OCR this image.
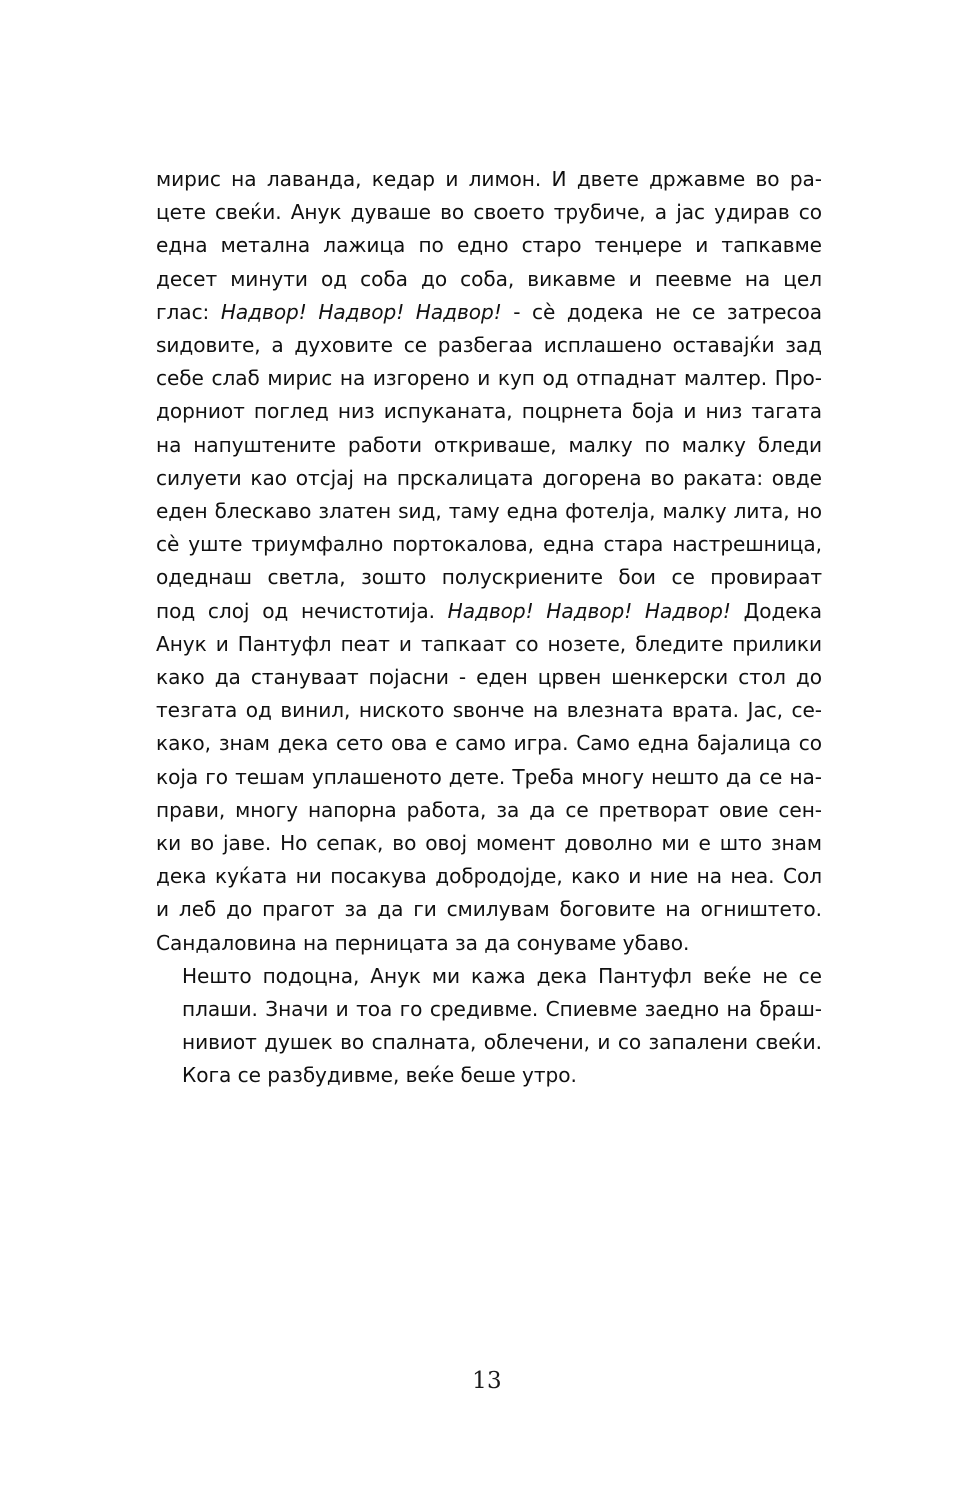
мирис на лаванда, кедар и лимон. И двете државме во ра-
цете свеќи. Анук дуваше во своето трубиче, а јас удирав со
една метална лажица по едно старо тенџере и тапкавме
десет минути од соба до соба, викавме и пеевме на цел
глас: Надвор! Надвор! Надвор! - сè додека не се затресоа
ѕидовите, а духовите се разбегаа исплашено оставајќи зад
себе слаб мирис на изгорено и куп од отпаднат малтер. Про-
дорниот поглед низ испуканата, поцрнета боја и низ тагата
на напуштените работи откриваше, малку по малку бледи
силуети као отсјај на прскалицата догорена во раката: овде
еден блескаво златен ѕид, таму една фотелја, малку лита, но
сè уште триумфално портокалова, една стара настрешница,
одеднаш светла, зошто полускриените бои се провираат
под слој од нечистотија. Надвор! Надвор! Надвор! Додека
Анук и Пантуфл пеат и тапкаат со нозете, бледите прилики
како да стануваат појасни - еден црвен шенкерски стол до
тезгата од винил, ниското ѕвонче на влезната врата. Јас, се-
како, знам дека сето ова е само игра. Само една бајалица со
која го тешам уплашеното дете. Треба многу нешто да се на-
прави, многу напорна работа, за да се претворат овие сен-
ки во јаве. Но сепак, во овој момент доволно ми е што знам
дека куќата ни посакува добродојде, како и ние на неа. Сол
и леб до прагот за да ги смилувам боговите на огништето.
Сандаловина на перницата за да сонуваме убаво.

Нешто подоцна, Анук ми кажа дека Пантуфл веќе не се
плаши. Значи и тоа го средивме. Спиевме заедно на браш-
нивиот душек во спалната, облечени, и со запалени свеќи.
Кога се разбудивме, веќе беше утро.

13
